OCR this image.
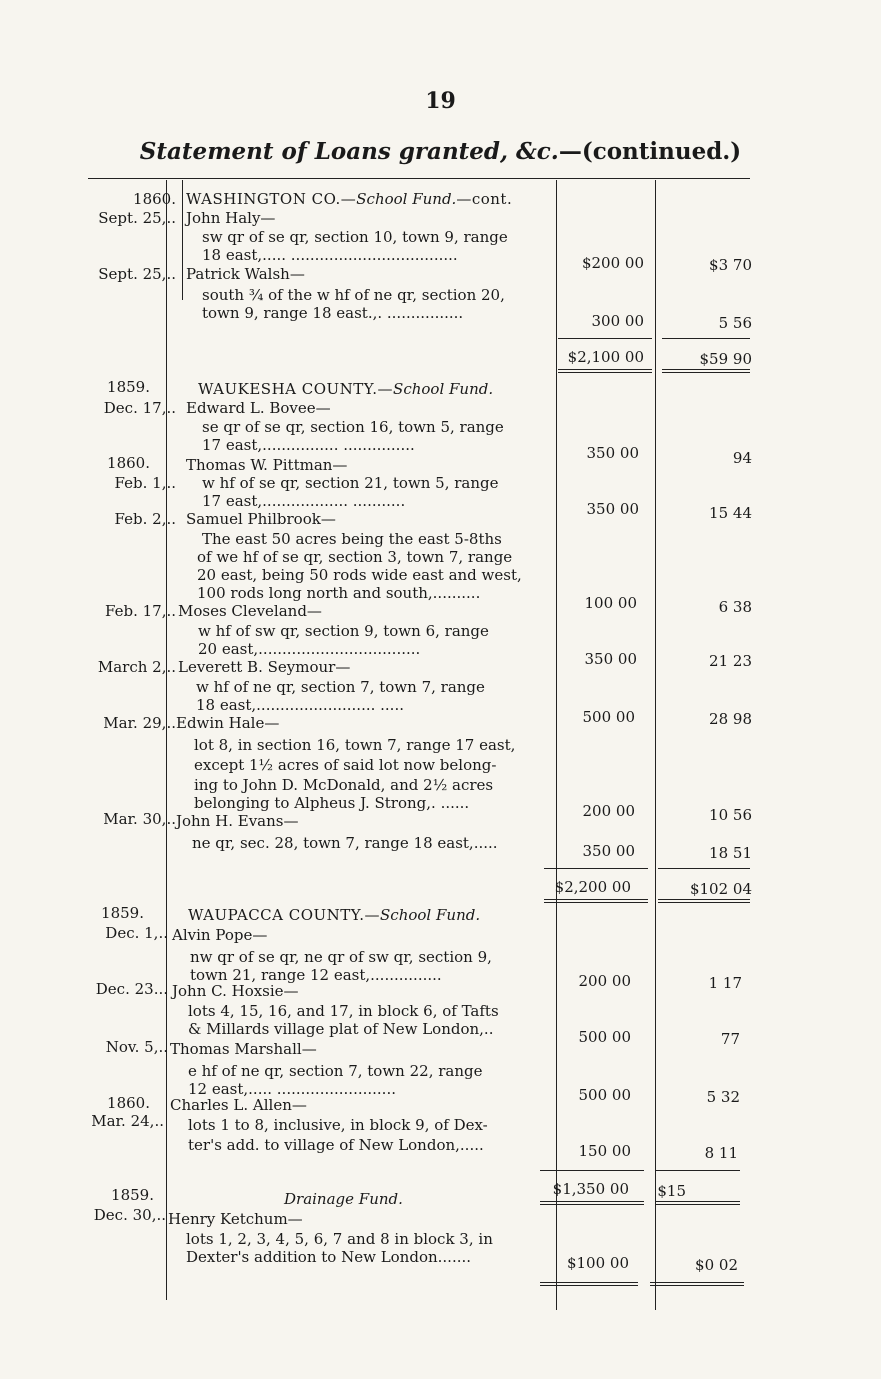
19
Statement of Loans granted, &c.—(continued.)
1860. WASHINGTON CO.—School Fund.—cont.
Sept. 25,.. John Haly—
sw qr of se qr, section 10, town 9, range
18 east,..... ...................................	$200 00	$3 70
Sept. 25,.. Patrick Walsh—
south ¾ of the w hf of ne qr, section 20,
town 9, range 18 east.,. ................	300 00	5 56
$2,100 00	$59 90
1859.	WAUKESHA COUNTY.—School Fund.
Dec. 17,.. Edward L. Bovee—
se qr of se qr, section 16, town 5, range
17 east,................ ...............	350 00	94
1860. Thomas W. Pittman—
Feb. 1,.. w hf of se qr, section 21, town 5, range
17 east,.................. ...........	350 00	15 44
Feb. 2,.. Samuel Philbrook—
The east 50 acres being the east 5-8ths
of we hf of se qr, section 3, town 7, range
20 east, being 50 rods wide east and west,
100 rods long north and south,..........
100 00	6 38
Feb. 17,.. Moses Cleveland—
w hf of sw qr, section 9, town 6, range
20 east,..................................
350 00	21 23
March 2,.. Leverett B. Seymour—
w hf of ne qr, section 7, town 7, range
18 east,......................... .....
500 00	28 98
Mar. 29,.. Edwin Hale—
lot 8, in section 16, town 7, range 17 east,
except 1½ acres of said lot now belong-
ing to John D. McDonald, and 2½ acres
belonging to Alpheus J. Strong,. ......	200 00	10 56
Mar. 30,.. John H. Evans—
ne qr, sec. 28, town 7, range 18 east,.....	350 00	18 51
$2,200 00	$102 04
1859.	WAUPACCA COUNTY.—School Fund.
Dec. 1,.. Alvin Pope—
nw qr of se qr, ne qr of sw qr, section 9,
town 21, range 12 east,...............	200 00	1 17
Dec. 23... John C. Hoxsie—
lots 4, 15, 16, and 17, in block 6, of Tafts
& Millards village plat of New London,..	500 00	77
Nov. 5,.. Thomas Marshall—
e hf of ne qr, section 7, town 22, range
12 east,..... .........................	500 00	5 32
1860. Charles L. Allen—
Mar. 24,.. lots 1 to 8, inclusive, in block 9, of Dex-
ter's add. to village of New London,.....	150 00	8 11
$1,350 00 $15
1859.	Drainage Fund.
Dec. 30,.. Henry Ketchum—
lots 1, 2, 3, 4, 5, 6, 7 and 8 in block 3, in
Dexter's addition to New London.......	$100 00	$0 02
